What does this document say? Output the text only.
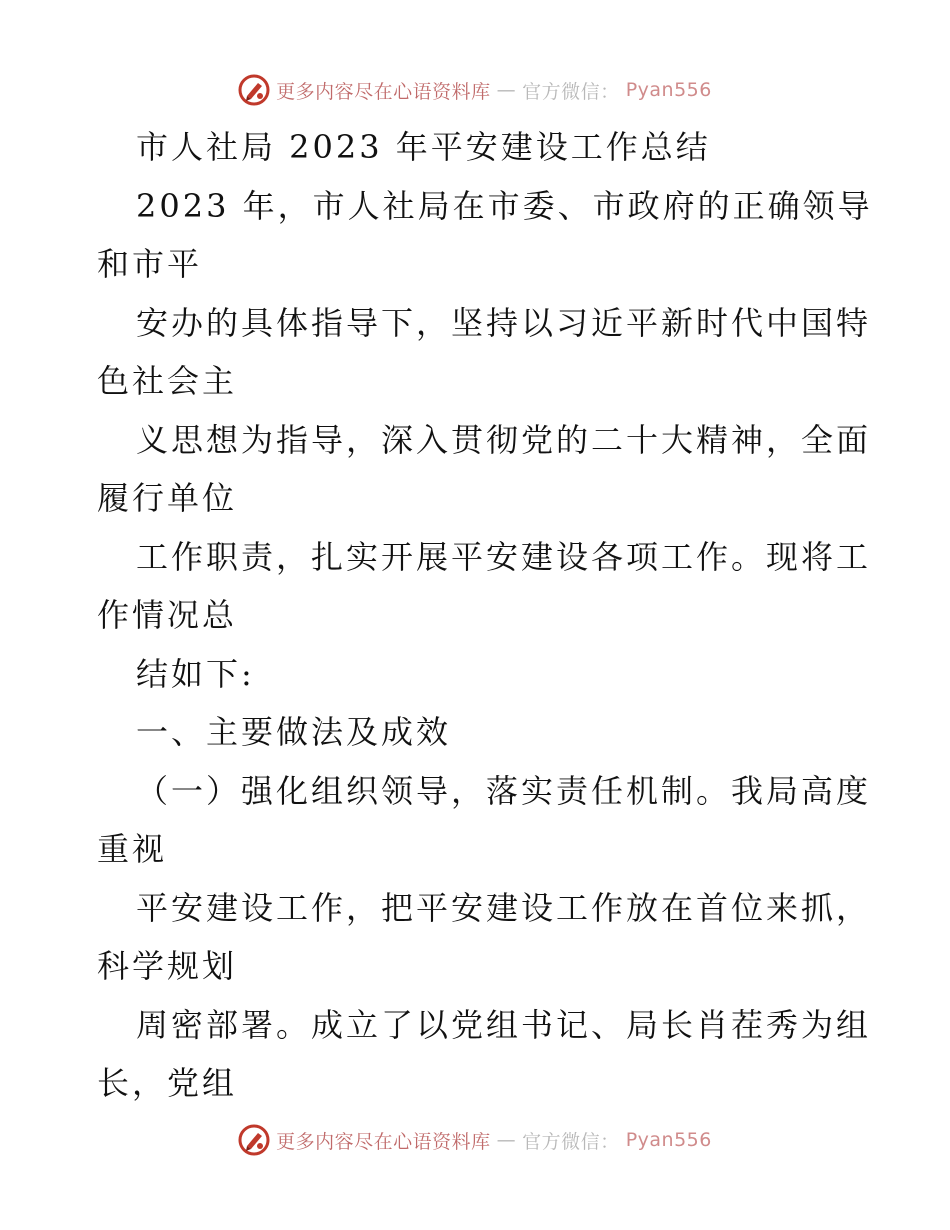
更多内容尽在心语资料库 — 官方微信： Pyan556
市人社局 2023 年平安建设工作总结
2023 年，市人社局在市委、市政府的正确领导
和市平
安办的具体指导下，坚持以习近平新时代中国特
色社会主
义思想为指导，深入贯彻党的二十大精神，全面
履行单位
工作职责，扎实开展平安建设各项工作。现将工
作情况总
结如下:
一、主要做法及成效
（一）强化组织领导，落实责任机制。我局高度
重视
平安建设工作，把平安建设工作放在首位来抓，
科学规划
周密部署。成立了以党组书记、局长肖茬秀为组
长，党组
更多内容尽在心语资料库 — 官方微信： Pyan556
